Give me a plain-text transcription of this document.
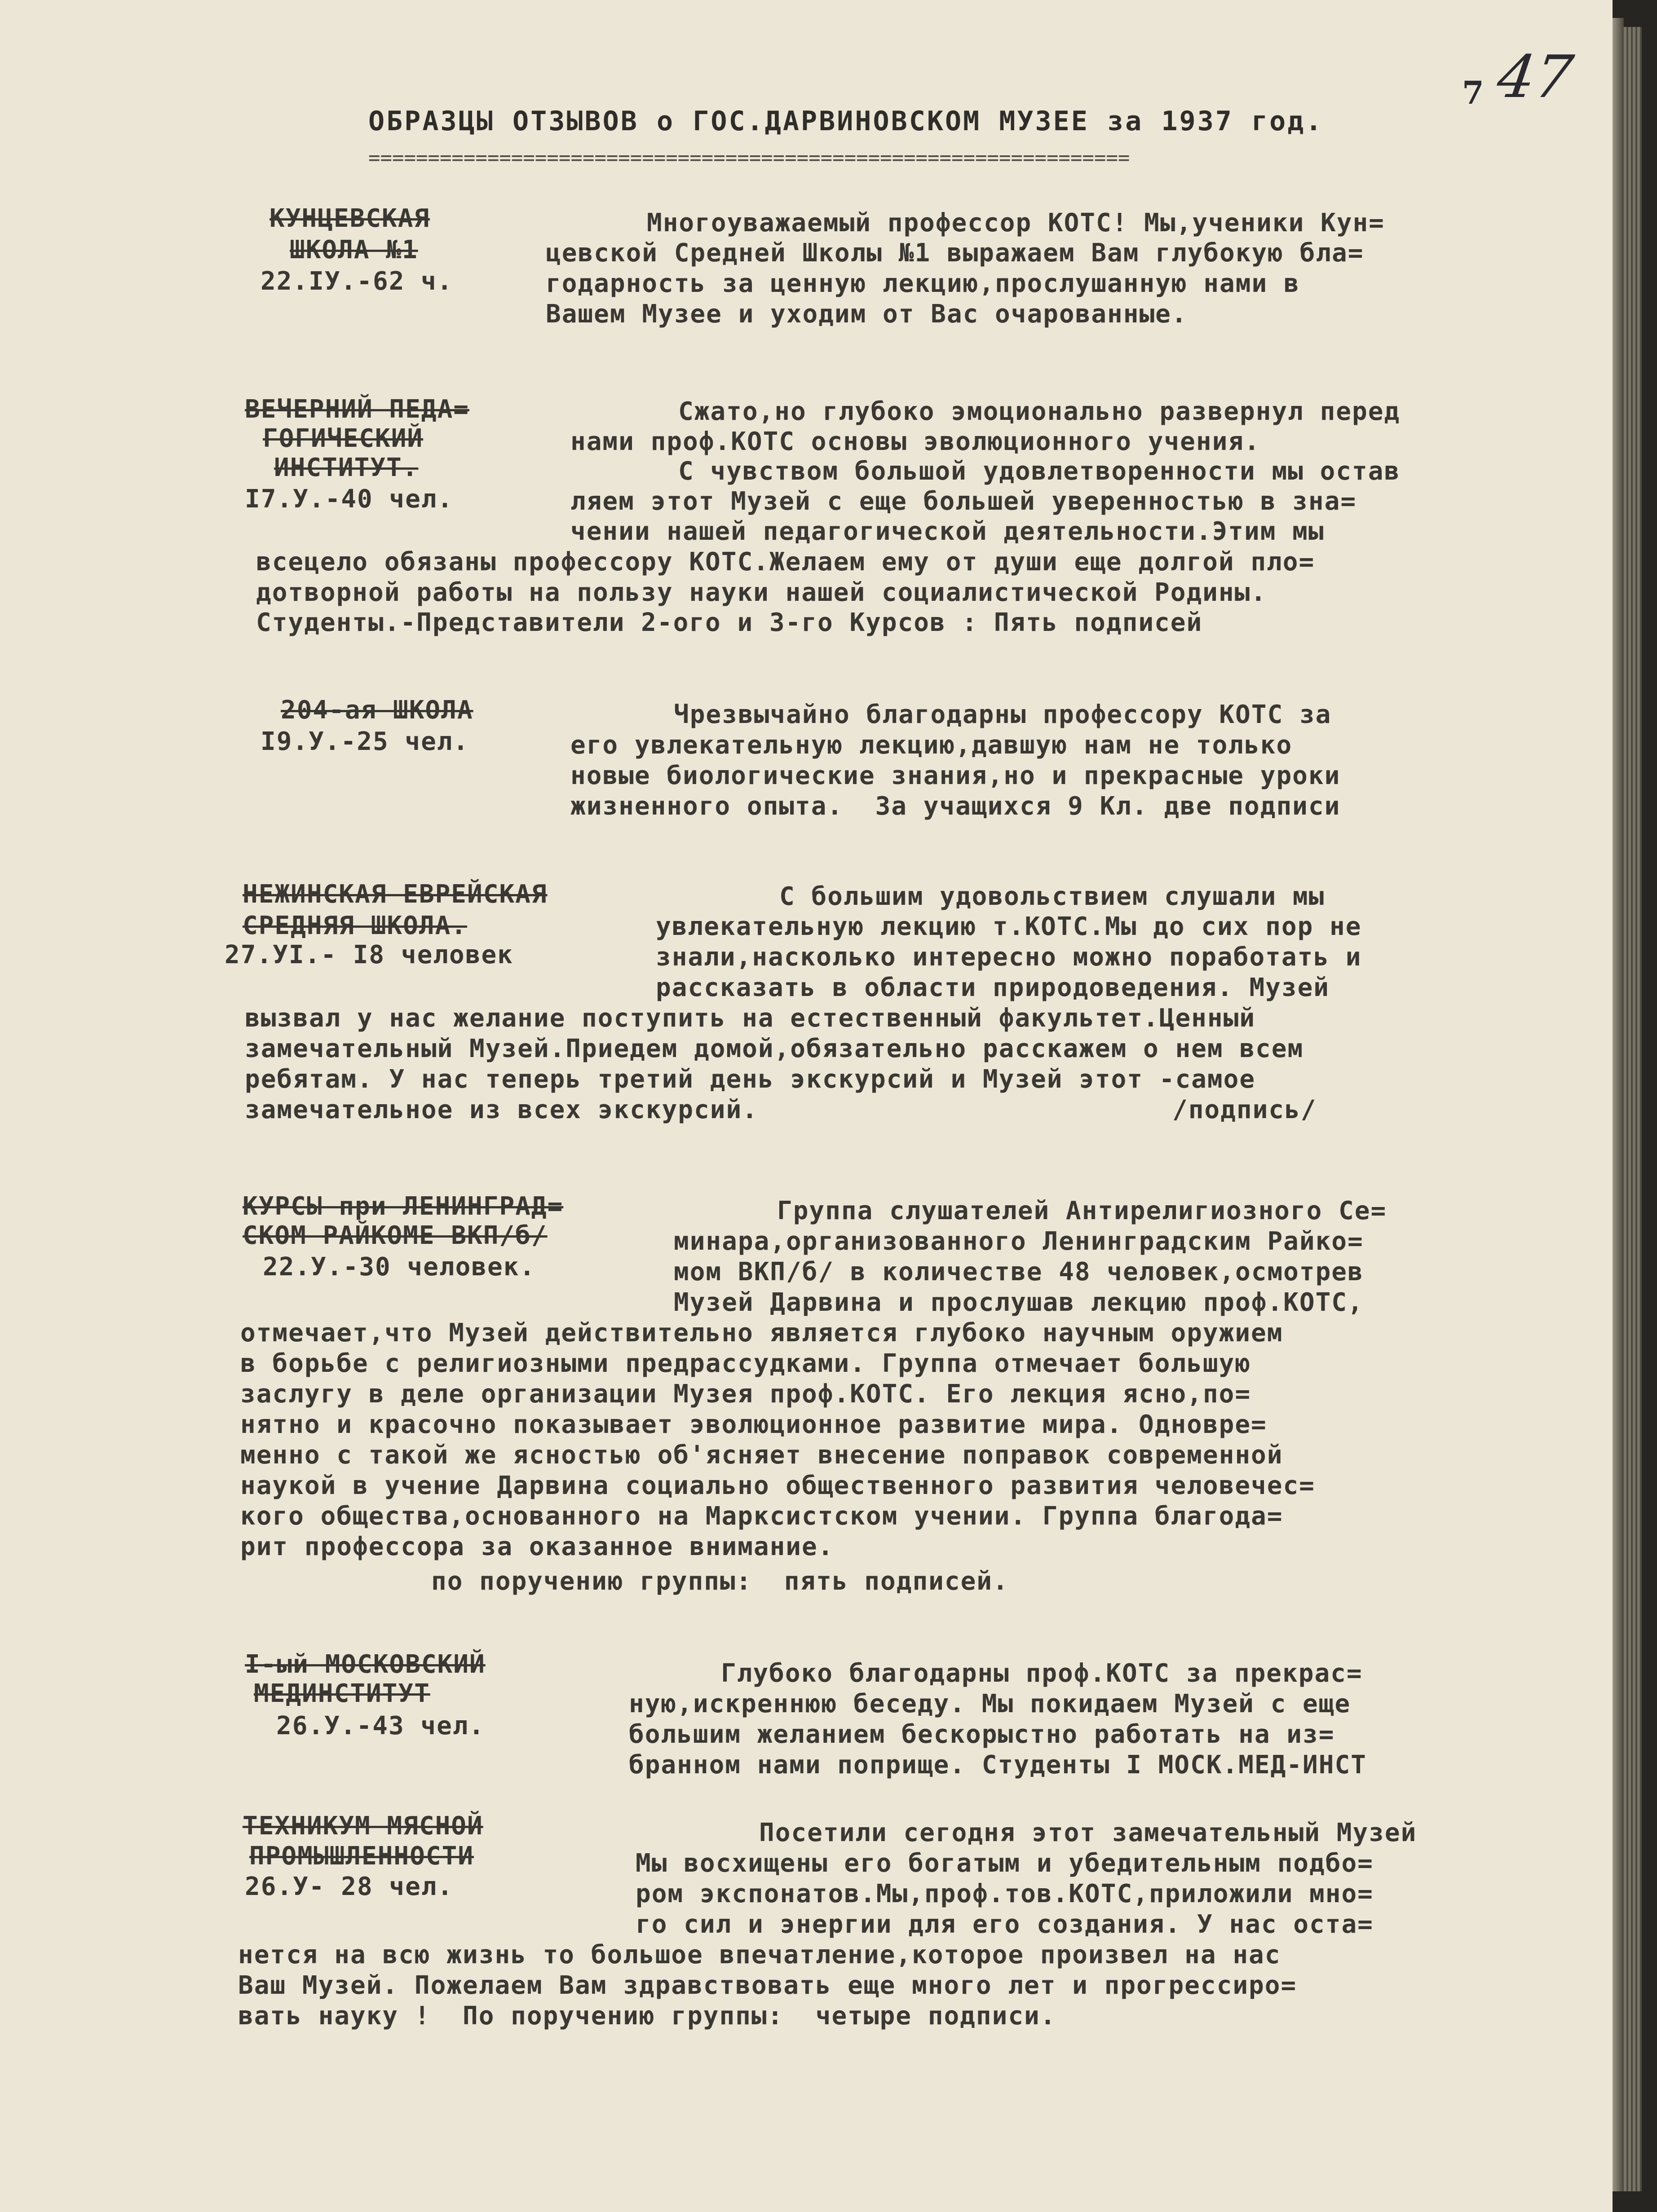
7 47
ОБРАЗЦЫ ОТЗЫВОВ о ГОС.ДАРВИНОВСКОМ МУЗЕЕ за 1937 год.
================================================================
КУНЦЕВСКАЯ
ШКОЛА №1
22.IУ.-62 ч.
Многоуважаемый профессор КОТС! Мы,ученики Кун=
цевской Средней Школы №1 выражаем Вам глубокую бла=
годарность за ценную лекцию,прослушанную нами в
Вашем Музее и уходим от Вас очарованные.
ВЕЧЕРНИЙ ПЕДА=
ГОГИЧЕСКИЙ
ИНСТИТУТ.
I7.У.-40 чел.
Сжато,но глубоко эмоционально развернул перед
нами проф.КОТС основы эволюционного учения.
С чувством большой удовлетворенности мы остав
ляем этот Музей с еще большей уверенностью в зна=
чении нашей педагогической деятельности.Этим мы
всецело обязаны профессору КОТС.Желаем ему от души еще долгой пло=
дотворной работы на пользу науки нашей социалистической Родины.
Студенты.-Представители 2-ого и 3-го Курсов : Пять подписей
204-ая ШКОЛА
I9.У.-25 чел.
Чрезвычайно благодарны профессору КОТС за
его увлекательную лекцию,давшую нам не только
новые биологические знания,но и прекрасные уроки
жизненного опыта.  За учащихся 9 Кл. две подписи
НЕЖИНСКАЯ ЕВРЕЙСКАЯ
СРЕДНЯЯ ШКОЛА.
27.УI.- I8 человек
С большим удовольствием слушали мы
увлекательную лекцию т.КОТС.Мы до сих пор не
знали,насколько интересно можно поработать и
рассказать в области природоведения. Музей
вызвал у нас желание поступить на естественный факультет.Ценный
замечательный Музей.Приедем домой,обязательно расскажем о нем всем
ребятам. У нас теперь третий день экскурсий и Музей этот -самое
замечательное из всех экскурсий.	/подпись/
КУРСЫ при ЛЕНИНГРАД=
СКОМ РАЙКОМЕ ВКП/б/
22.У.-30 человек.
Группа слушателей Антирелигиозного Се=
минара,организованного Ленинградским Райко=
мом ВКП/б/ в количестве 48 человек,осмотрев
Музей Дарвина и прослушав лекцию проф.КОТС,
отмечает,что Музей действительно является глубоко научным оружием
в борьбе с религиозными предрассудками. Группа отмечает большую
заслугу в деле организации Музея проф.КОТС. Его лекция ясно,по=
нятно и красочно показывает эволюционное развитие мира. Одновре=
менно с такой же ясностью об'ясняет внесение поправок современной
наукой в учение Дарвина социально общественного развития человечес=
кого общества,основанного на Марксистском учении. Группа благода=
рит профессора за оказанное внимание.
по поручению группы:  пять подписей.
I-ый МОСКОВСКИЙ
МЕДИНСТИТУТ
26.У.-43 чел.
Глубоко благодарны проф.КОТС за прекрас=
ную,искреннюю беседу. Мы покидаем Музей с еще
большим желанием бескорыстно работать на из=
бранном нами поприще. Студенты I МОСК.МЕД-ИНСТ
ТЕХНИКУМ МЯСНОЙ
ПРОМЫШЛЕННОСТИ
26.У- 28 чел.
Посетили сегодня этот замечательный Музей
Мы восхищены его богатым и убедительным подбо=
ром экспонатов.Мы,проф.тов.КОТС,приложили мно=
го сил и энергии для его создания. У нас оста=
нется на всю жизнь то большое впечатление,которое произвел на нас
Ваш Музей. Пожелаем Вам здравствовать еще много лет и прогрессиро=
вать науку !  По поручению группы:  четыре подписи.
